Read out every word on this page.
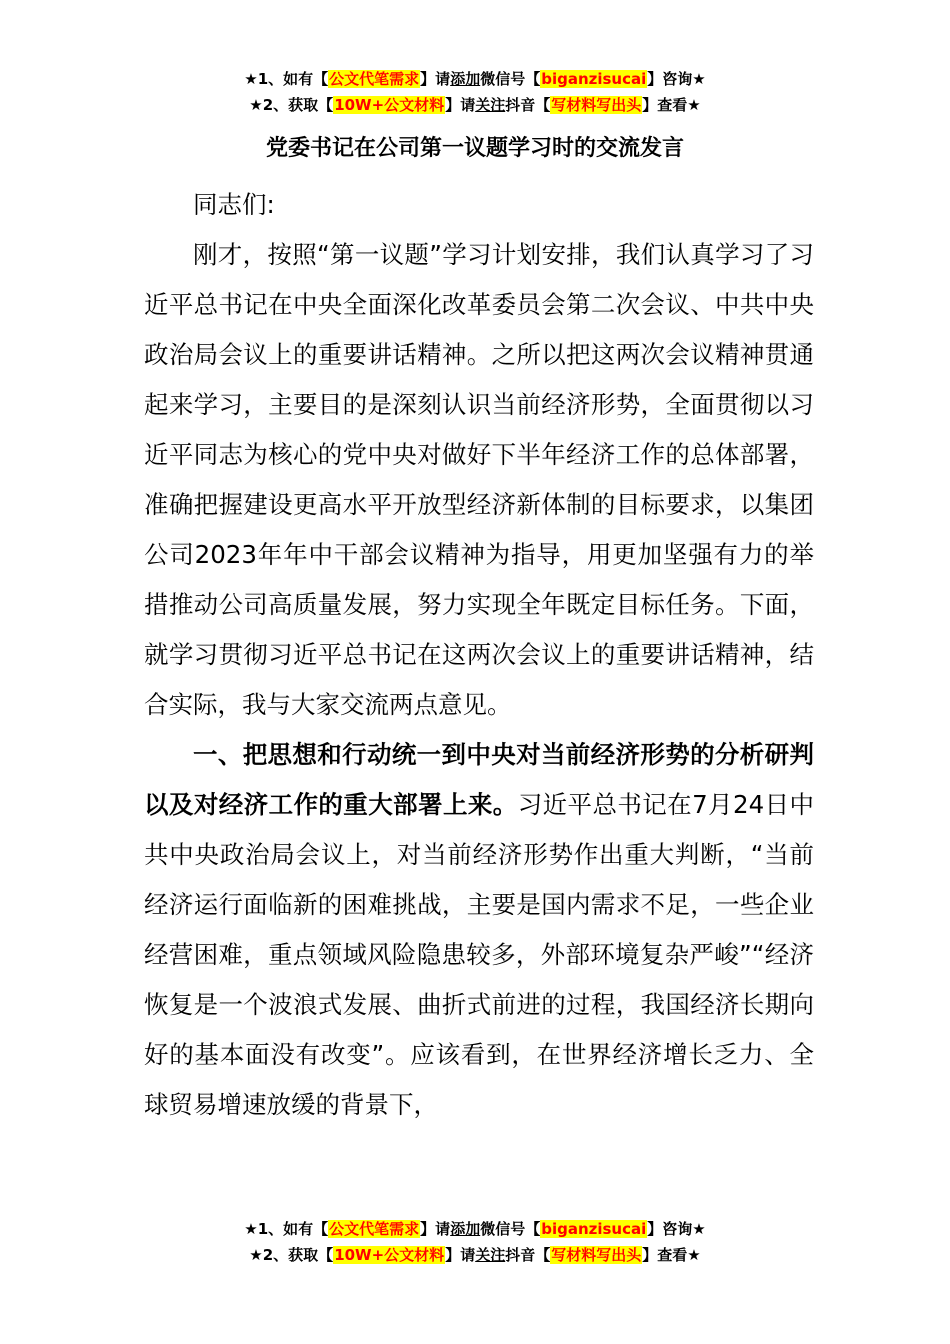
★1、如有【公文代笔需求】请添加微信号【biganzisucai】咨询★
★2、获取【10W+公文材料】请关注抖音【写材料写出头】查看★
党委书记在公司第一议题学习时的交流发言

同志们:

刚才，按照“第一议题”学习计划安排，我们认真学习了习近平总书记在中央全面深化改革委员会第二次会议、中共中央政治局会议上的重要讲话精神。之所以把这两次会议精神贯通起来学习，主要目的是深刻认识当前经济形势，全面贯彻以习近平同志为核心的党中央对做好下半年经济工作的总体部署，准确把握建设更高水平开放型经济新体制的目标要求，以集团公司2023年年中干部会议精神为指导，用更加坚强有力的举措推动公司高质量发展，努力实现全年既定目标任务。下面，就学习贯彻习近平总书记在这两次会议上的重要讲话精神，结合实际，我与大家交流两点意见。

一、把思想和行动统一到中央对当前经济形势的分析研判以及对经济工作的重大部署上来。习近平总书记在7月24日中共中央政治局会议上，对当前经济形势作出重大判断，“当前经济运行面临新的困难挑战，主要是国内需求不足，一些企业经营困难，重点领域风险隐患较多，外部环境复杂严峻”“经济恢复是一个波浪式发展、曲折式前进的过程，我国经济长期向好的基本面没有改变”。应该看到，在世界经济增长乏力、全球贸易增速放缓的背景下，

★1、如有【公文代笔需求】请添加微信号【biganzisucai】咨询★
★2、获取【10W+公文材料】请关注抖音【写材料写出头】查看★
